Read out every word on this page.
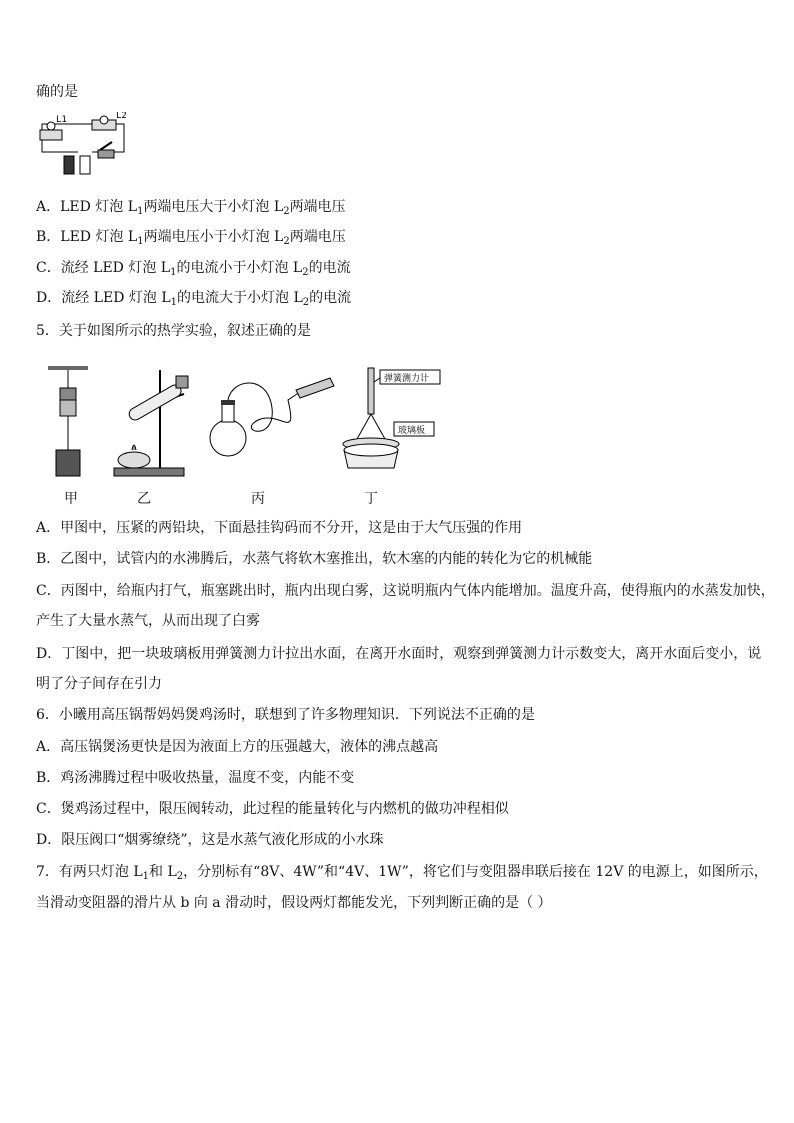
确的是
L1	L2
A．LED 灯泡 $L_1$两端电压大于小灯泡 $L_2$两端电压
B．LED 灯泡 $L_1$两端电压小于小灯泡 $L_2$两端电压
C．流经 LED 灯泡 $L_1$的电流小于小灯泡 $L_2$的电流
D．流经 LED 灯泡 $L_1$的电流大于小灯泡 $L_2$的电流
5．关于如图所示的热学实验，叙述正确的是
弹簧测力计
玻璃板
甲	乙	丙	丁
A．甲图中，压紧的两铅块，下面悬挂钩码而不分开，这是由于大气压强的作用
B．乙图中，试管内的水沸腾后，水蒸气将软木塞推出，软木塞的内能的转化为它的机械能
C．丙图中，给瓶内打气，瓶塞跳出时，瓶内出现白雾，这说明瓶内气体内能增加。温度升高，使得瓶内的水蒸发加快，
产生了大量水蒸气，从而出现了白雾
D．丁图中，把一块玻璃板用弹簧测力计拉出水面，在离开水面时，观察到弹簧测力计示数变大，离开水面后变小，说
明了分子间存在引力
6．小曦用高压锅帮妈妈煲鸡汤时，联想到了许多物理知识．下列说法不正确的是
A．高压锅煲汤更快是因为液面上方的压强越大，液体的沸点越高
B．鸡汤沸腾过程中吸收热量，温度不变，内能不变
C．煲鸡汤过程中，限压阀转动，此过程的能量转化与内燃机的做功冲程相似
D．限压阀口“烟雾缭绕”，这是水蒸气液化形成的小水珠
7．有两只灯泡 $L_1$和 $L_2$，分别标有“8V、4W”和“4V、1W”，将它们与变阻器串联后接在 12V 的电源上，如图所示，
当滑动变阻器的滑片从 b 向 a 滑动时，假设两灯都能发光，下列判断正确的是（ ）
